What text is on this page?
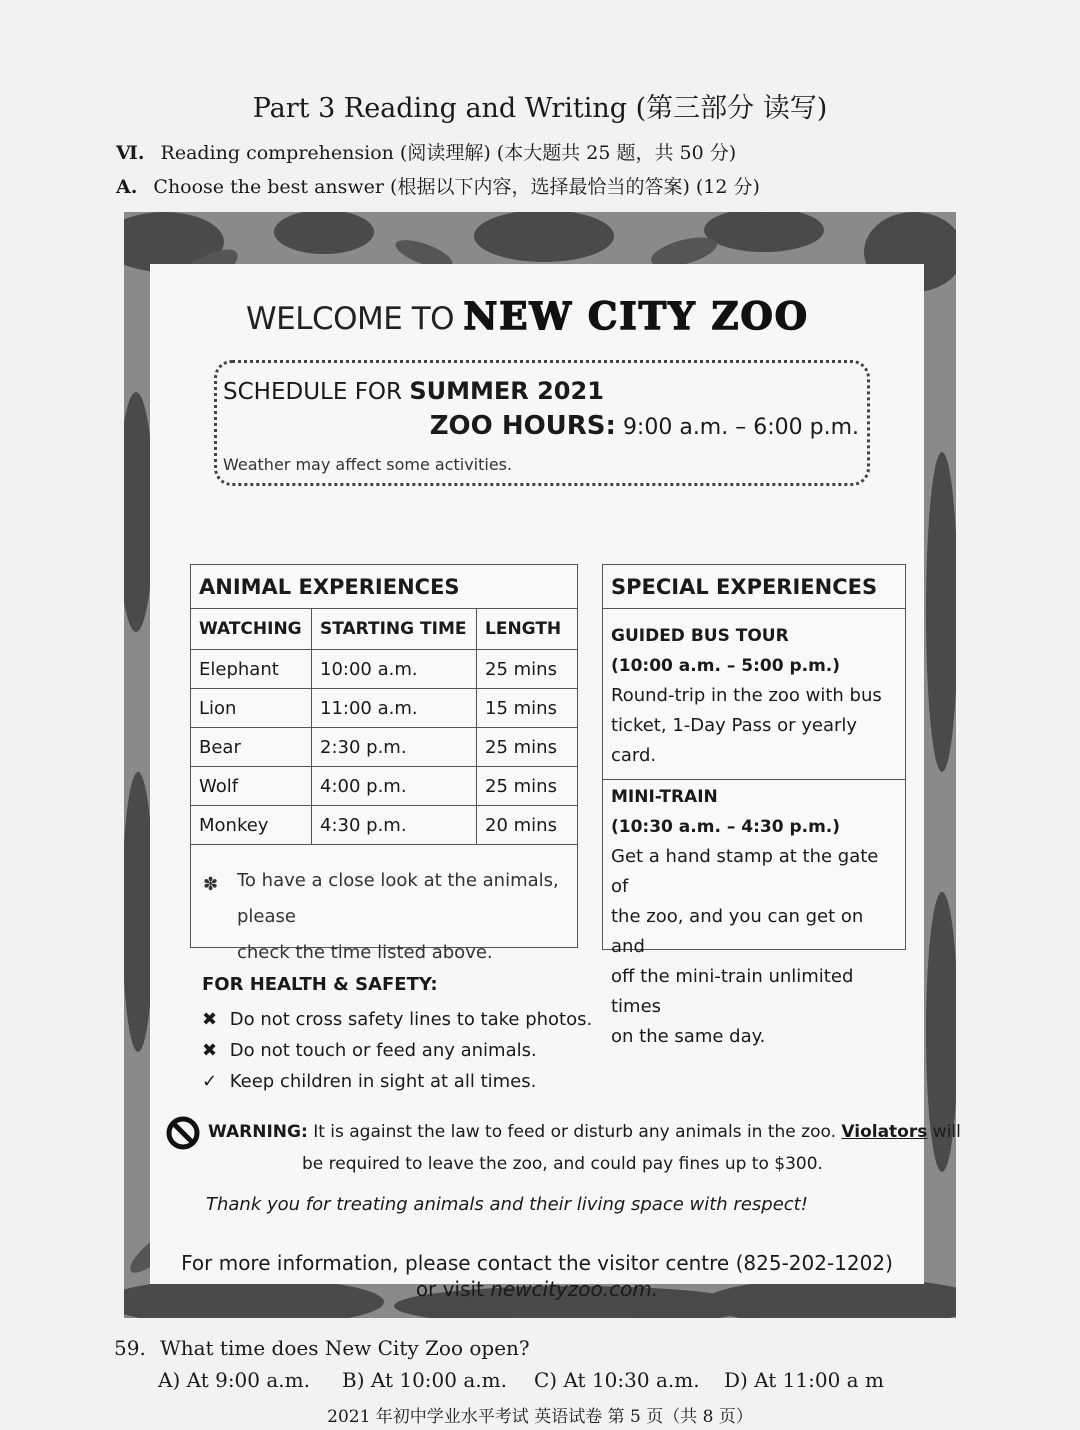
Part 3 Reading and Writing (第三部分 读写)
Ⅵ. Reading comprehension (阅读理解) (本大题共 25 题，共 50 分)
A. Choose the best answer (根据以下内容，选择最恰当的答案) (12 分)
WELCOME TO NEW CITY ZOO
SCHEDULE FOR SUMMER 2021
ZOO HOURS: 9:00 a.m. – 6:00 p.m.
Weather may affect some activities.
ANIMAL EXPERIENCES
WATCHING	STARTING TIME	LENGTH
Elephant	10:00 a.m.	25 mins
Lion	11:00 a.m.	15 mins
Bear	2:30 p.m.	25 mins
Wolf	4:00 p.m.	25 mins
Monkey	4:30 p.m.	20 mins
✽ To have a close look at the animals, please
check the time listed above.
SPECIAL EXPERIENCES
GUIDED BUS TOUR
(10:00 a.m. – 5:00 p.m.)
Round-trip in the zoo with bus
ticket, 1-Day Pass or yearly card.
MINI-TRAIN
(10:30 a.m. – 4:30 p.m.)
Get a hand stamp at the gate of
the zoo, and you can get on and
off the mini-train unlimited times
on the same day.
FOR HEALTH & SAFETY:
✖ Do not cross safety lines to take photos.
✖ Do not touch or feed any animals.
✓ Keep children in sight at all times.
WARNING: It is against the law to feed or disturb any animals in the zoo. Violators will
be required to leave the zoo, and could pay fines up to $300.
Thank you for treating animals and their living space with respect!
For more information, please contact the visitor centre (825-202-1202)
or visit newcityzoo.com.
59. What time does New City Zoo open?
A) At 9:00 a.m. B) At 10:00 a.m. C) At 10:30 a.m. D) At 11:00 a m
2021 年初中学业水平考试 英语试卷 第 5 页（共 8 页）
